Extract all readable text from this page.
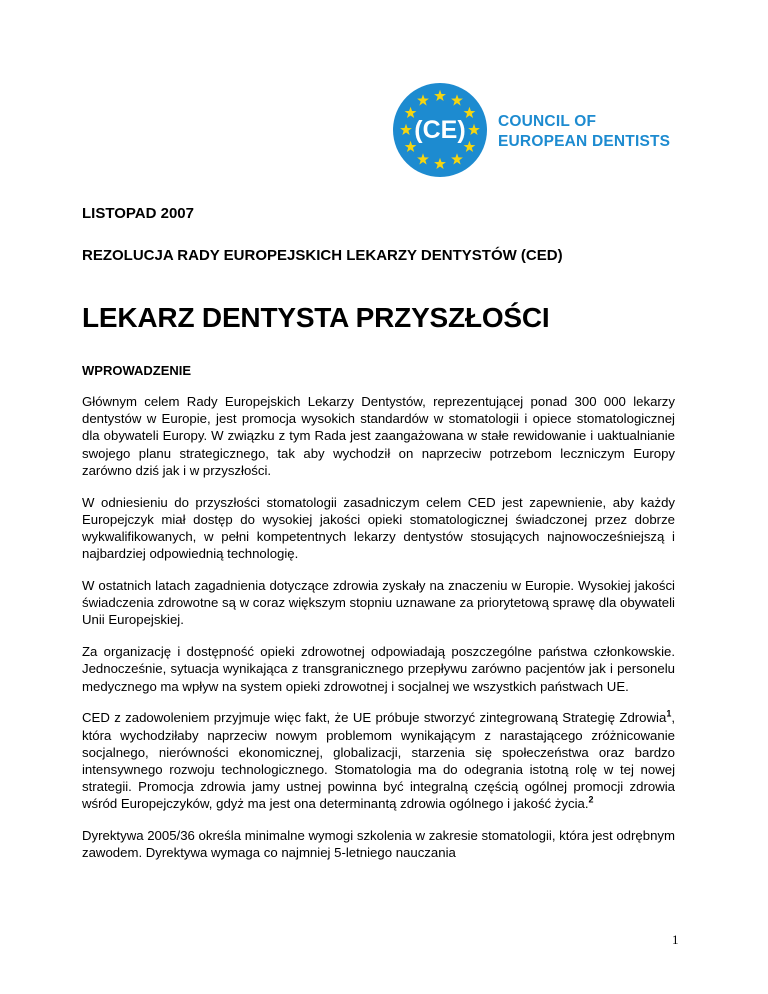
(CE) COUNCIL OF
EUROPEAN DENTISTS

LISTOPAD 2007

REZOLUCJA RADY EUROPEJSKICH LEKARZY DENTYSTÓW (CED)

LEKARZ DENTYSTA PRZYSZŁOŚCI
WPROWADZENIE

Głównym celem Rady Europejskich Lekarzy Dentystów, reprezentującej ponad 300 000 lekarzy dentystów w Europie, jest promocja wysokich standardów w stomatologii i opiece stomatologicznej dla obywateli Europy. W związku z tym Rada jest zaangażowana w stałe rewidowanie i uaktualnianie swojego planu strategicznego, tak aby wychodził on naprzeciw potrzebom leczniczym Europy zarówno dziś jak i w przyszłości.

W odniesieniu do przyszłości stomatologii zasadniczym celem CED jest zapewnienie, aby każdy Europejczyk miał dostęp do wysokiej jakości opieki stomatologicznej świadczonej przez dobrze wykwalifikowanych, w pełni kompetentnych lekarzy dentystów stosujących najnowocześniejszą i najbardziej odpowiednią technologię.

W ostatnich latach zagadnienia dotyczące zdrowia zyskały na znaczeniu w Europie. Wysokiej jakości świadczenia zdrowotne są w coraz większym stopniu uznawane za priorytetową sprawę dla obywateli Unii Europejskiej.

Za organizację i dostępność opieki zdrowotnej odpowiadają poszczególne państwa członkowskie. Jednocześnie, sytuacja wynikająca z transgranicznego przepływu zarówno pacjentów jak i personelu medycznego ma wpływ na system opieki zdrowotnej i socjalnej we wszystkich państwach UE.

CED z zadowoleniem przyjmuje więc fakt, że UE próbuje stworzyć zintegrowaną Strategię Zdrowia$^1$, która wychodziłaby naprzeciw nowym problemom wynikającym z narastającego zróżnicowanie socjalnego, nierówności ekonomicznej, globalizacji, starzenia się społeczeństwa oraz bardzo intensywnego rozwoju technologicznego. Stomatologia ma do odegrania istotną rolę w tej nowej strategii. Promocja zdrowia jamy ustnej powinna być integralną częścią ogólnej promocji zdrowia wśród Europejczyków, gdyż ma jest ona determinantą zdrowia ogólnego i jakość życia.$^2$

Dyrektywa 2005/36 określa minimalne wymogi szkolenia w zakresie stomatologii, która jest odrębnym zawodem. Dyrektywa wymaga co najmniej 5-letniego nauczania

1
